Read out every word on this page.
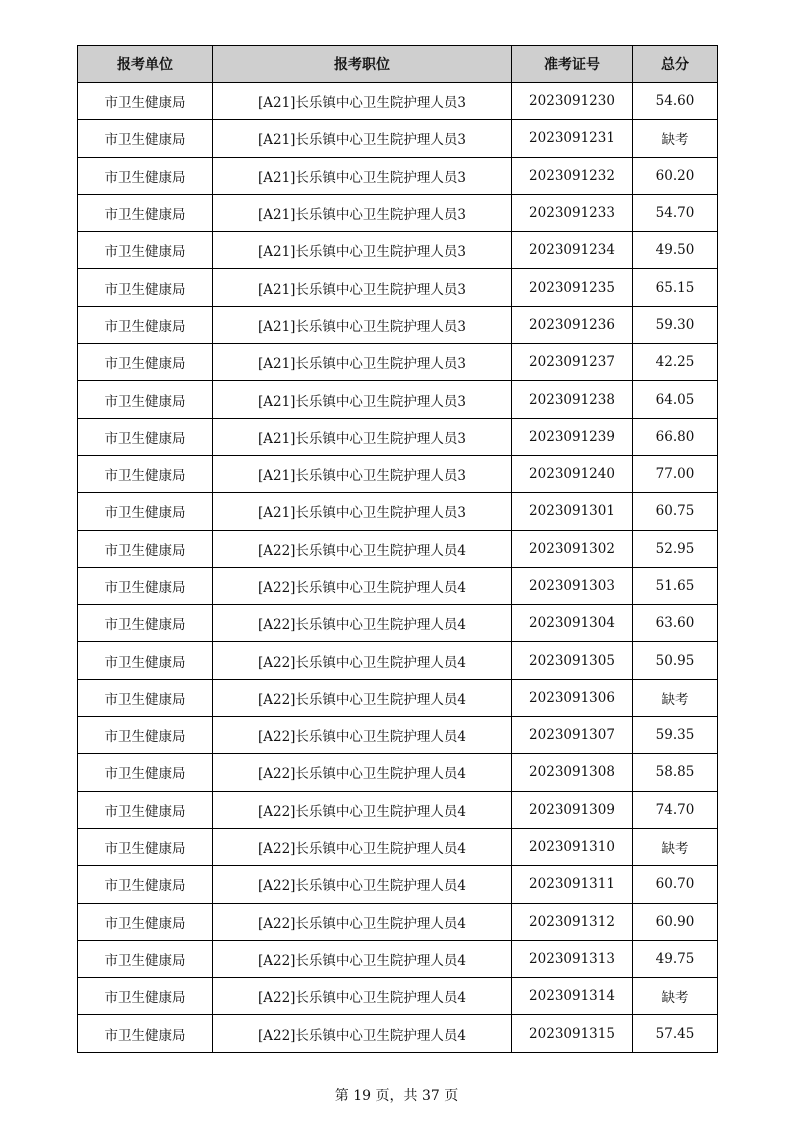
报考单位	报考职位	准考证号	总分
市卫生健康局	[A21]长乐镇中心卫生院护理人员3	2023091230	54.60
市卫生健康局	[A21]长乐镇中心卫生院护理人员3	2023091231	缺考
市卫生健康局	[A21]长乐镇中心卫生院护理人员3	2023091232	60.20
市卫生健康局	[A21]长乐镇中心卫生院护理人员3	2023091233	54.70
市卫生健康局	[A21]长乐镇中心卫生院护理人员3	2023091234	49.50
市卫生健康局	[A21]长乐镇中心卫生院护理人员3	2023091235	65.15
市卫生健康局	[A21]长乐镇中心卫生院护理人员3	2023091236	59.30
市卫生健康局	[A21]长乐镇中心卫生院护理人员3	2023091237	42.25
市卫生健康局	[A21]长乐镇中心卫生院护理人员3	2023091238	64.05
市卫生健康局	[A21]长乐镇中心卫生院护理人员3	2023091239	66.80
市卫生健康局	[A21]长乐镇中心卫生院护理人员3	2023091240	77.00
市卫生健康局	[A21]长乐镇中心卫生院护理人员3	2023091301	60.75
市卫生健康局	[A22]长乐镇中心卫生院护理人员4	2023091302	52.95
市卫生健康局	[A22]长乐镇中心卫生院护理人员4	2023091303	51.65
市卫生健康局	[A22]长乐镇中心卫生院护理人员4	2023091304	63.60
市卫生健康局	[A22]长乐镇中心卫生院护理人员4	2023091305	50.95
市卫生健康局	[A22]长乐镇中心卫生院护理人员4	2023091306	缺考
市卫生健康局	[A22]长乐镇中心卫生院护理人员4	2023091307	59.35
市卫生健康局	[A22]长乐镇中心卫生院护理人员4	2023091308	58.85
市卫生健康局	[A22]长乐镇中心卫生院护理人员4	2023091309	74.70
市卫生健康局	[A22]长乐镇中心卫生院护理人员4	2023091310	缺考
市卫生健康局	[A22]长乐镇中心卫生院护理人员4	2023091311	60.70
市卫生健康局	[A22]长乐镇中心卫生院护理人员4	2023091312	60.90
市卫生健康局	[A22]长乐镇中心卫生院护理人员4	2023091313	49.75
市卫生健康局	[A22]长乐镇中心卫生院护理人员4	2023091314	缺考
市卫生健康局	[A22]长乐镇中心卫生院护理人员4	2023091315	57.45
第 19 页，共 37 页
